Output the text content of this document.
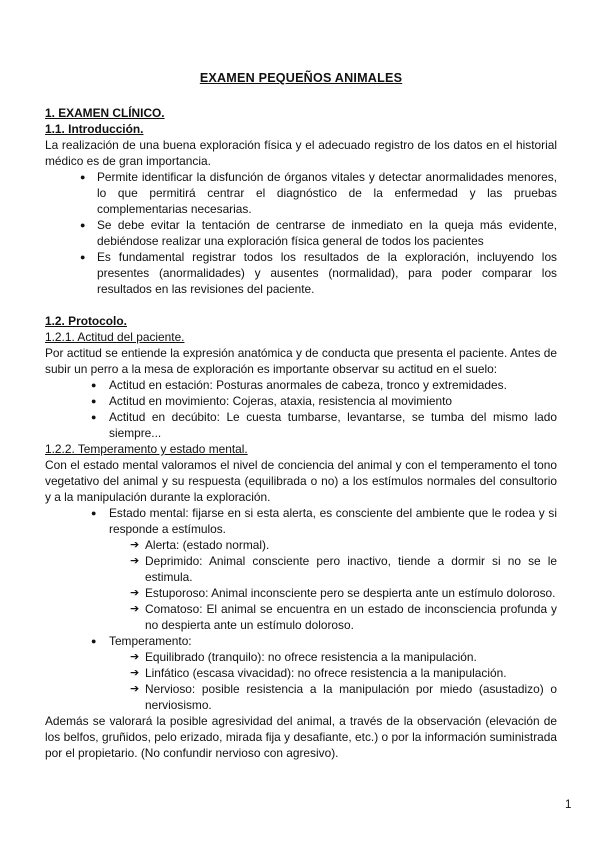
EXAMEN PEQUEÑOS ANIMALES
1. EXAMEN CLÍNICO.
1.1. Introducción.

La realización de una buena exploración física y el adecuado registro de los datos en el historial médico es de gran importancia.

● Permite identificar la disfunción de órganos vitales y detectar anormalidades menores, lo que permitirá centrar el diagnóstico de la enfermedad y las pruebas complementarias necesarias.
● Se debe evitar la tentación de centrarse de inmediato en la queja más evidente, debiéndose realizar una exploración física general de todos los pacientes
● Es fundamental registrar todos los resultados de la exploración, incluyendo los presentes (anormalidades) y ausentes (normalidad), para poder comparar los resultados en las revisiones del paciente.
1.2. Protocolo.
1.2.1. Actitud del paciente.

Por actitud se entiende la expresión anatómica y de conducta que presenta el paciente. Antes de subir un perro a la mesa de exploración es importante observar su actitud en el suelo:

● Actitud en estación: Posturas anormales de cabeza, tronco y extremidades.
● Actitud en movimiento: Cojeras, ataxia, resistencia al movimiento
● Actitud en decúbito: Le cuesta tumbarse, levantarse, se tumba del mismo lado siempre...
1.2.2. Temperamento y estado mental.

Con el estado mental valoramos el nivel de conciencia del animal y con el temperamento el tono vegetativo del animal y su respuesta (equilibrada o no) a los estímulos normales del consultorio y a la manipulación durante la exploración.

● Estado mental: fijarse en si esta alerta, es consciente del ambiente que le rodea y si responde a estímulos.
➔ Alerta: (estado normal).
➔ Deprimido: Animal consciente pero inactivo, tiende a dormir si no se le estimula.
➔ Estuporoso: Animal inconsciente pero se despierta ante un estímulo doloroso.
➔ Comatoso: El animal se encuentra en un estado de inconsciencia profunda y no despierta ante un estímulo doloroso.
● Temperamento:
➔ Equilibrado (tranquilo): no ofrece resistencia a la manipulación.
➔ Linfático (escasa vivacidad): no ofrece resistencia a la manipulación.
➔ Nervioso: posible resistencia a la manipulación por miedo (asustadizo) o nerviosismo.

Además se valorará la posible agresividad del animal, a través de la observación (elevación de los belfos, gruñidos, pelo erizado, mirada fija y desafiante, etc.) o por la información suministrada por el propietario. (No confundir nervioso con agresivo).

1
